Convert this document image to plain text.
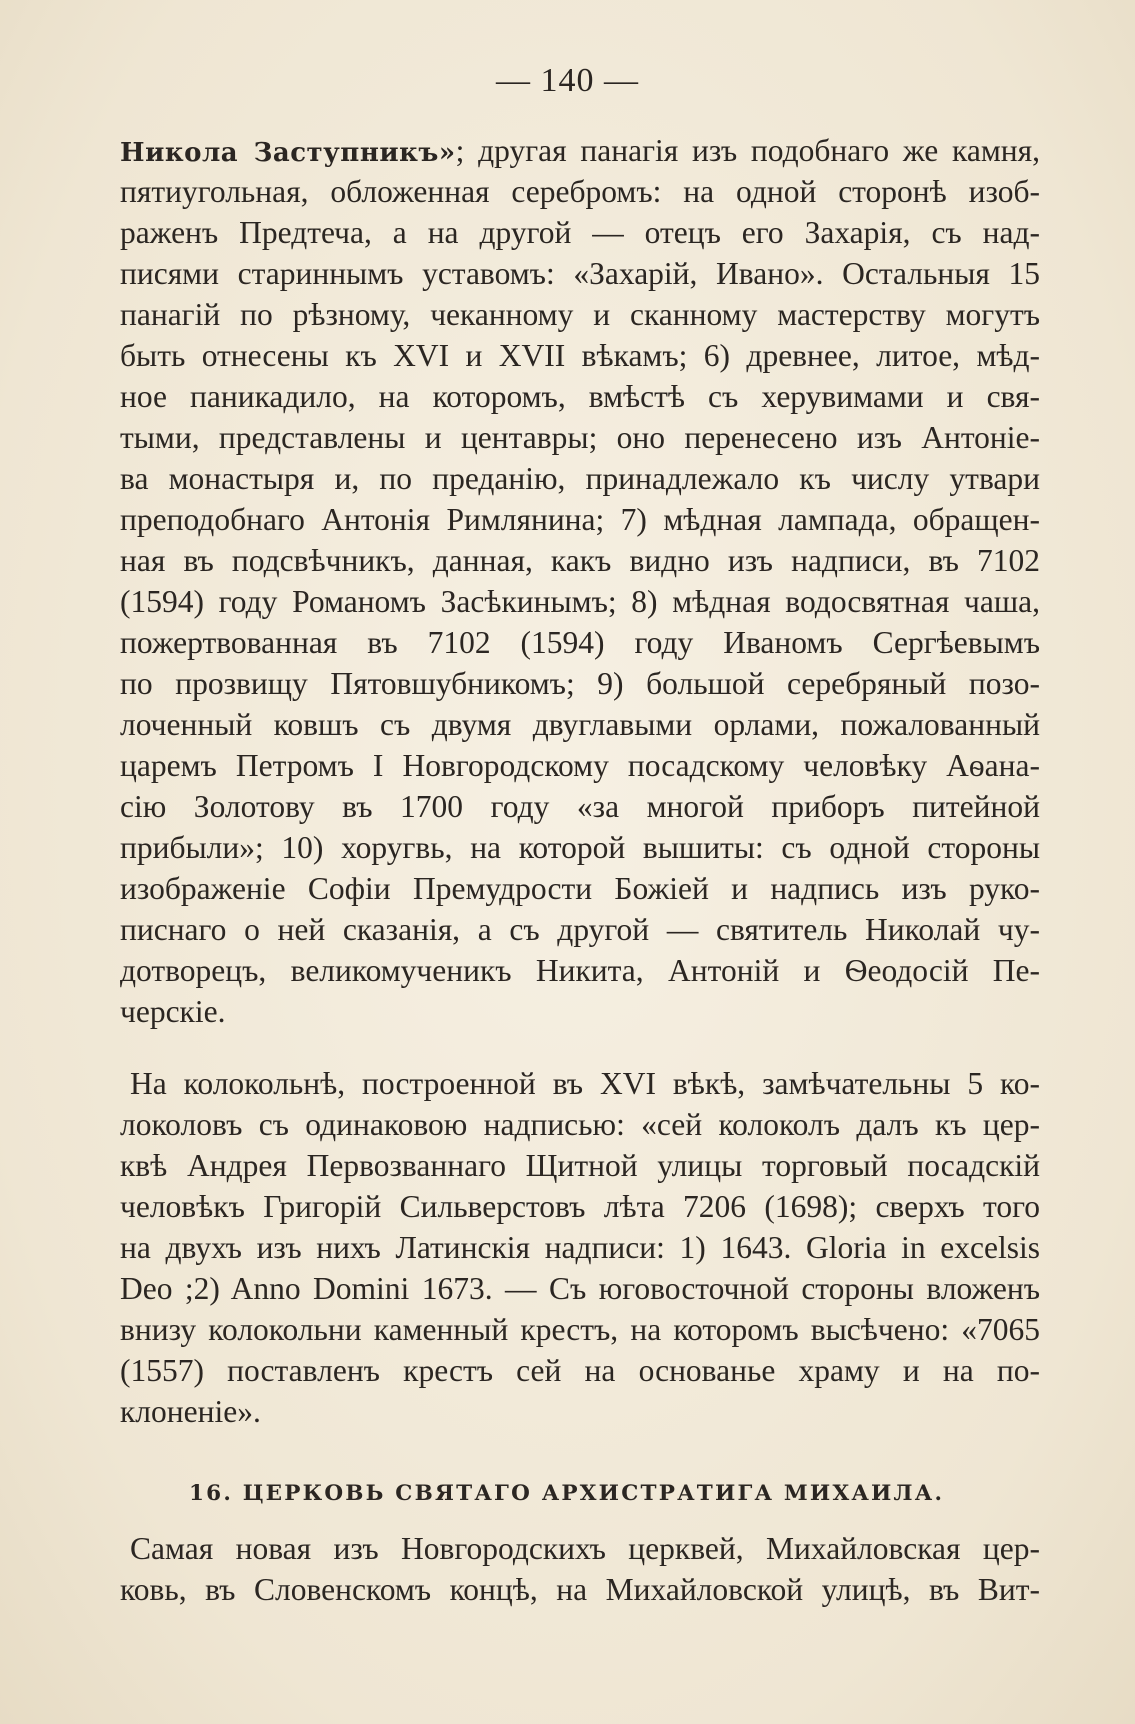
— 140 —
Никола Заступникъ»; другая панагія изъ подобнаго же камня,
пятиугольная, обложенная серебромъ: на одной сторонѣ изоб-
раженъ Предтеча, а на другой — отецъ его Захарія, съ над-
писями стариннымъ уставомъ: «Захарій, Ивано». Остальныя 15
панагій по рѣзному, чеканному и сканному мастерству могутъ
быть отнесены къ XVI и XVII вѣкамъ; 6) древнее, литое, мѣд-
ное паникадило, на которомъ, вмѣстѣ съ херувимами и свя-
тыми, представлены и центавры; оно перенесено изъ Антоніе-
ва монастыря и, по преданію, принадлежало къ числу утвари
преподобнаго Антонія Римлянина; 7) мѣдная лампада, обращен-
ная въ подсвѣчникъ, данная, какъ видно изъ надписи, въ 7102
(1594) году Романомъ Засѣкинымъ; 8) мѣдная водосвятная чаша,
пожертвованная въ 7102 (1594) году Иваномъ Сергѣевымъ
по прозвищу Пятовшубникомъ; 9) большой серебряный позо-
лоченный ковшъ съ двумя двуглавыми орлами, пожалованный
царемъ Петромъ I Новгородскому посадскому человѣку Аѳана-
сію Золотову въ 1700 году «за многой приборъ питейной
прибыли»; 10) хоругвь, на которой вышиты: съ одной стороны
изображеніе Софіи Премудрости Божіей и надпись изъ руко-
писнаго о ней сказанія, а съ другой — святитель Николай чу-
дотворецъ, великомученикъ Никита, Антоній и Ѳеодосій Пе-
черскіе.
На колокольнѣ, построенной въ XVI вѣкѣ, замѣчательны 5 ко-
локоловъ съ одинаковою надписью: «сей колоколъ далъ къ цер-
квѣ Андрея Первозваннаго Щитной улицы торговый посадскій
человѣкъ Григорій Сильверстовъ лѣта 7206 (1698); сверхъ того
на двухъ изъ нихъ Латинскія надписи: 1) 1643. Gloria in excelsis
Deo ;2) Anno Domini 1673. — Съ юговосточной стороны вложенъ
внизу колокольни каменный крестъ, на которомъ высѣчено: «7065
(1557) поставленъ крестъ сей на основанье храму и на по-
клоненіе».
16. ЦЕРКОВЬ СВЯТАГО АРХИСТРАТИГА МИХАИЛА.
Самая новая изъ Новгородскихъ церквей, Михайловская цер-
ковь, въ Словенскомъ концѣ, на Михайловской улицѣ, въ Вит-
